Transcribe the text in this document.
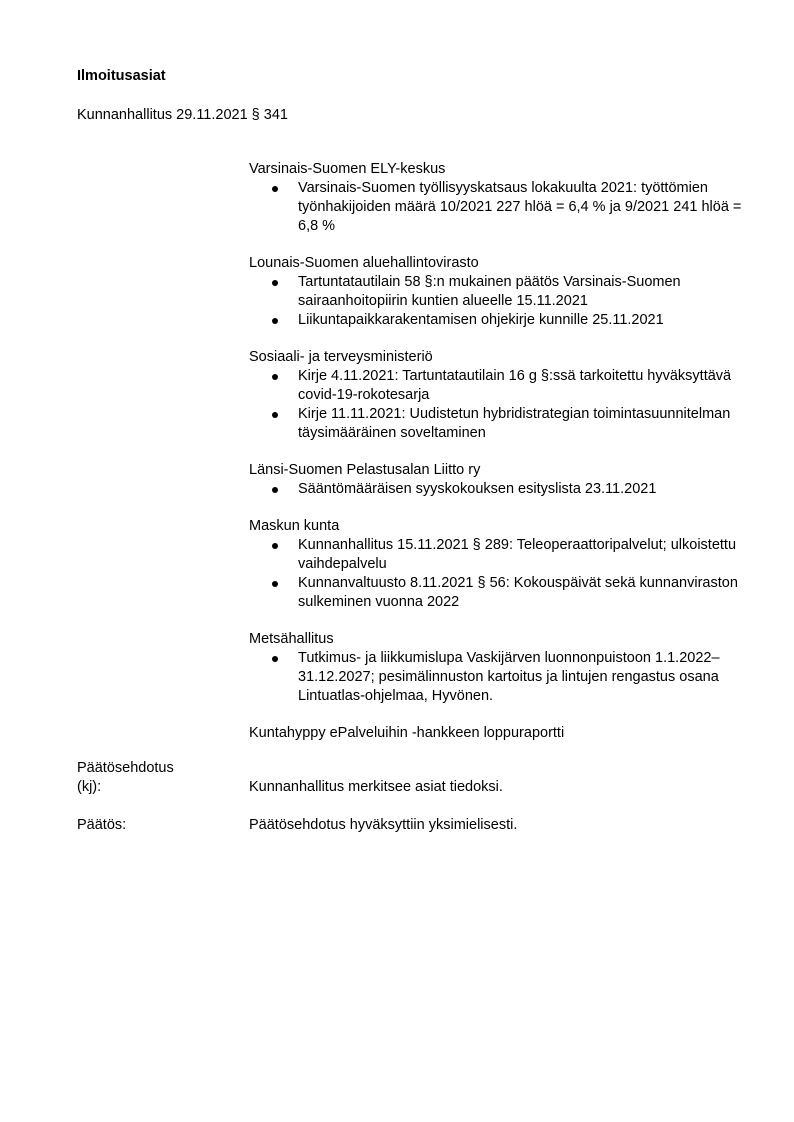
Ilmoitusasiat
Kunnanhallitus 29.11.2021 § 341
Varsinais-Suomen ELY-keskus
Varsinais-Suomen työllisyyskatsaus lokakuulta 2021: työttömien työnhakijoiden määrä 10/2021 227 hlöä = 6,4 % ja 9/2021 241 hlöä = 6,8 %
Lounais-Suomen aluehallintovirasto
Tartuntatautilain 58 §:n mukainen päätös Varsinais-Suomen sairaanhoitopiirin kuntien alueelle 15.11.2021
Liikuntapaikkarakentamisen ohjekirje kunnille 25.11.2021
Sosiaali- ja terveysministeriö
Kirje 4.11.2021: Tartuntatautilain 16 g §:ssä tarkoitettu hyväksyttävä covid-19-rokotesarja
Kirje 11.11.2021: Uudistetun hybridistrategian toimintasuunnitelman täysimääräinen soveltaminen
Länsi-Suomen Pelastusalan Liitto ry
Sääntömääräisen syyskokouksen esityslista 23.11.2021
Maskun kunta
Kunnanhallitus 15.11.2021 § 289: Teleoperaattoripalvelut; ulkoistettu vaihdepalvelu
Kunnanvaltuusto 8.11.2021 § 56: Kokouspäivät sekä kunnanviraston sulkeminen vuonna 2022
Metsähallitus
Tutkimus- ja liikkumislupa Vaskijärven luonnonpuistoon 1.1.2022–31.12.2027; pesimälinnuston kartoitus ja lintujen rengastus osana Lintuatlas-ohjelmaa, Hyvönen.
Kuntahyppy ePalveluihin -hankkeen loppuraportti
Päätösehdotus
(kj):	Kunnanhallitus merkitsee asiat tiedoksi.
Päätös:	Päätösehdotus hyväksyttiin yksimielisesti.
